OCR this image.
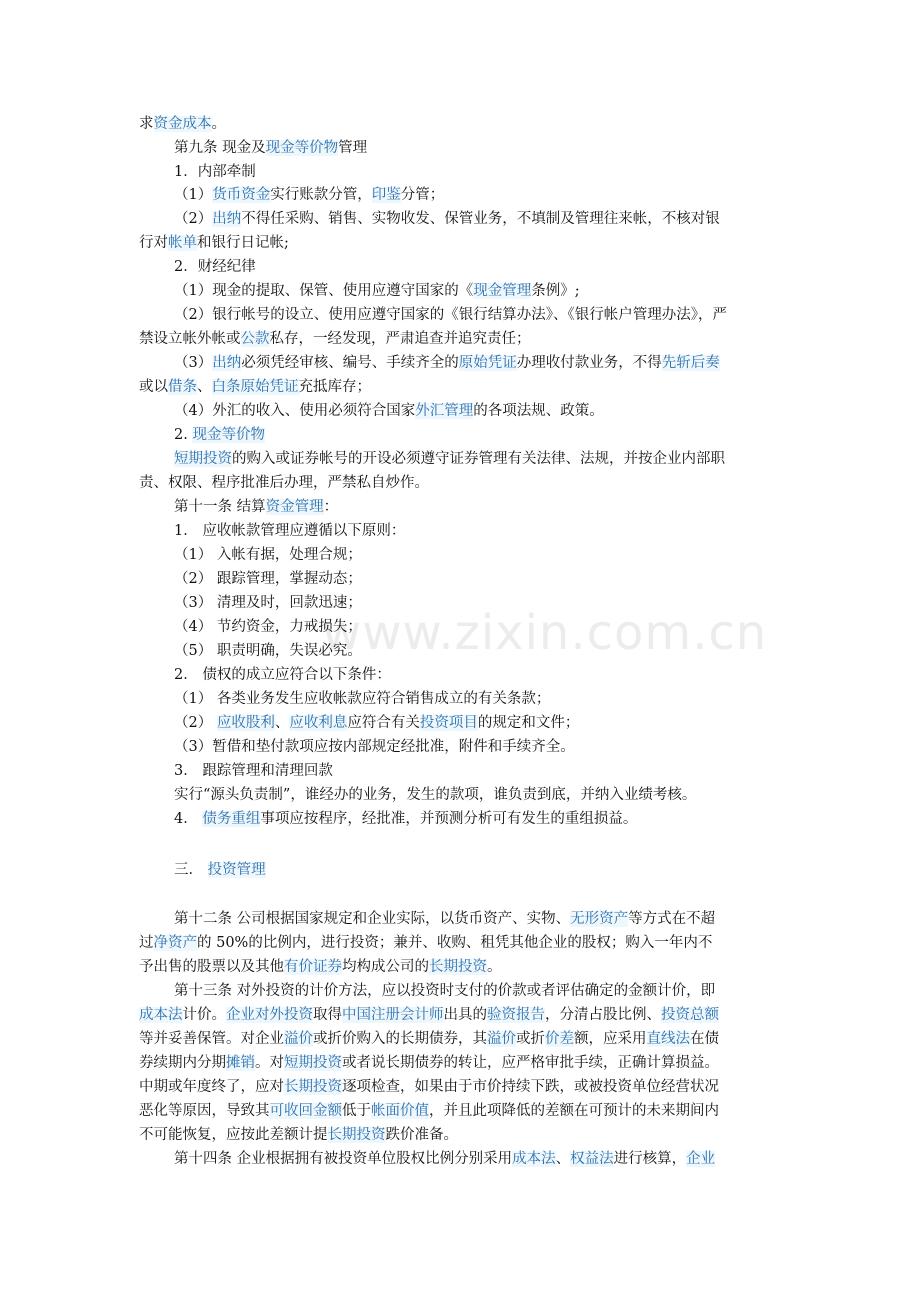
www.zixin.com.cn
求资金成本。
第九条 现金及现金等价物管理
1．内部牵制
（1）货币资金实行账款分管，印鉴分管；
（2）出纳不得任采购、销售、实物收发、保管业务，不填制及管理往来帐，不核对银
行对帐单和银行日记帐;
2．财经纪律
（1）现金的提取、保管、使用应遵守国家的《现金管理条例》;
（2）银行帐号的设立、使用应遵守国家的《银行结算办法》、《银行帐户管理办法》，严
禁设立帐外帐或公款私存，一经发现，严肃追查并追究责任；
（3）出纳必须凭经审核、编号、手续齐全的原始凭证办理收付款业务，不得先斩后奏
或以借条、白条原始凭证充抵库存；
（4）外汇的收入、使用必须符合国家外汇管理的各项法规、政策。
2. 现金等价物
短期投资的购入或证券帐号的开设必须遵守证券管理有关法律、法规，并按企业内部职
责、权限、程序批准后办理，严禁私自炒作。
第十一条 结算资金管理：
1． 应收帐款管理应遵循以下原则：
（1） 入帐有据，处理合规；
（2） 跟踪管理，掌握动态；
（3） 清理及时，回款迅速；
（4） 节约资金，力戒损失；
（5） 职责明确，失误必究。
2． 债权的成立应符合以下条件：
（1） 各类业务发生应收帐款应符合销售成立的有关条款；
（2） 应收股利、应收利息应符合有关投资项目的规定和文件；
（3）暂借和垫付款项应按内部规定经批准，附件和手续齐全。
3． 跟踪管理和清理回款
实行“源头负责制”，谁经办的业务，发生的款项，谁负责到底，并纳入业绩考核。
4． 债务重组事项应按程序，经批准，并预测分析可有发生的重组损益。
三． 投资管理
第十二条 公司根据国家规定和企业实际，以货币资产、实物、无形资产等方式在不超
过净资产的 50%的比例内，进行投资；兼并、收购、租凭其他企业的股权；购入一年内不
予出售的股票以及其他有价证券均构成公司的长期投资。
第十三条 对外投资的计价方法，应以投资时支付的价款或者评估确定的金额计价，即
成本法计价。企业对外投资取得中国注册会计师出具的验资报告，分清占股比例、投资总额
等并妥善保管。对企业溢价或折价购入的长期债券，其溢价或折价差额，应采用直线法在债
券续期内分期摊销。对短期投资或者说长期债券的转让，应严格审批手续，正确计算损益。
中期或年度终了，应对长期投资逐项检查，如果由于市价持续下跌，或被投资单位经营状况
恶化等原因，导致其可收回金额低于帐面价值，并且此项降低的差额在可预计的未来期间内
不可能恢复，应按此差额计提长期投资跌价准备。
第十四条 企业根据拥有被投资单位股权比例分别采用成本法、权益法进行核算，企业
